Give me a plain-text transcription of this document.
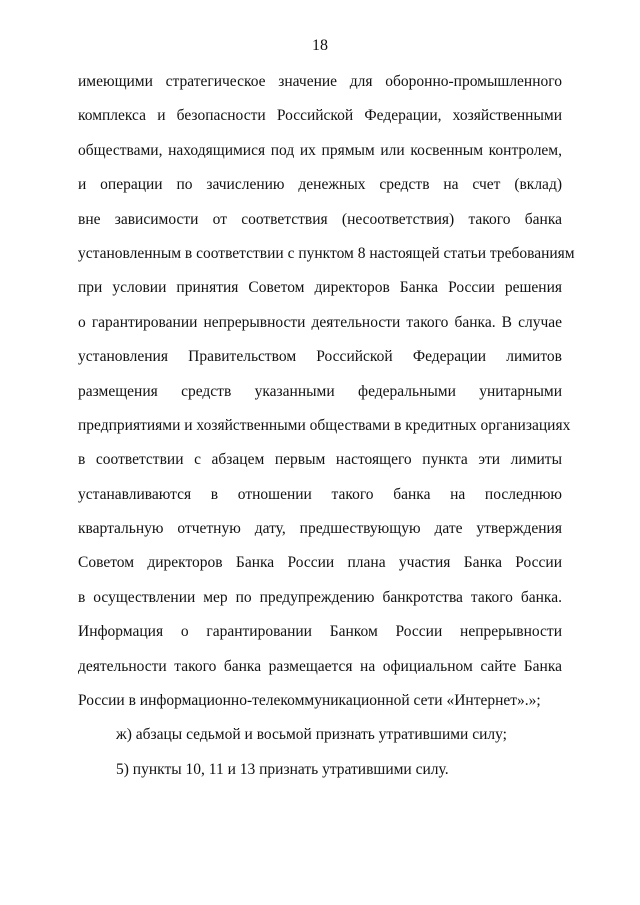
18
имеющими стратегическое значение для оборонно-промышленного
комплекса и безопасности Российской Федерации, хозяйственными
обществами, находящимися под их прямым или косвенным контролем,
и операции по зачислению денежных средств на счет (вклад)
вне зависимости от соответствия (несоответствия) такого банка
установленным в соответствии с пунктом 8 настоящей статьи требованиям
при условии принятия Советом директоров Банка России решения
о гарантировании непрерывности деятельности такого банка. В случае
установления Правительством Российской Федерации лимитов
размещения средств указанными федеральными унитарными
предприятиями и хозяйственными обществами в кредитных организациях
в соответствии с абзацем первым настоящего пункта эти лимиты
устанавливаются в отношении такого банка на последнюю
квартальную отчетную дату, предшествующую дате утверждения
Советом директоров Банка России плана участия Банка России
в осуществлении мер по предупреждению банкротства такого банка.
Информация о гарантировании Банком России непрерывности
деятельности такого банка размещается на официальном сайте Банка
России в информационно-телекоммуникационной сети «Интернет».»;
ж) абзацы седьмой и восьмой признать утратившими силу;
5) пункты 10, 11 и 13 признать утратившими силу.
